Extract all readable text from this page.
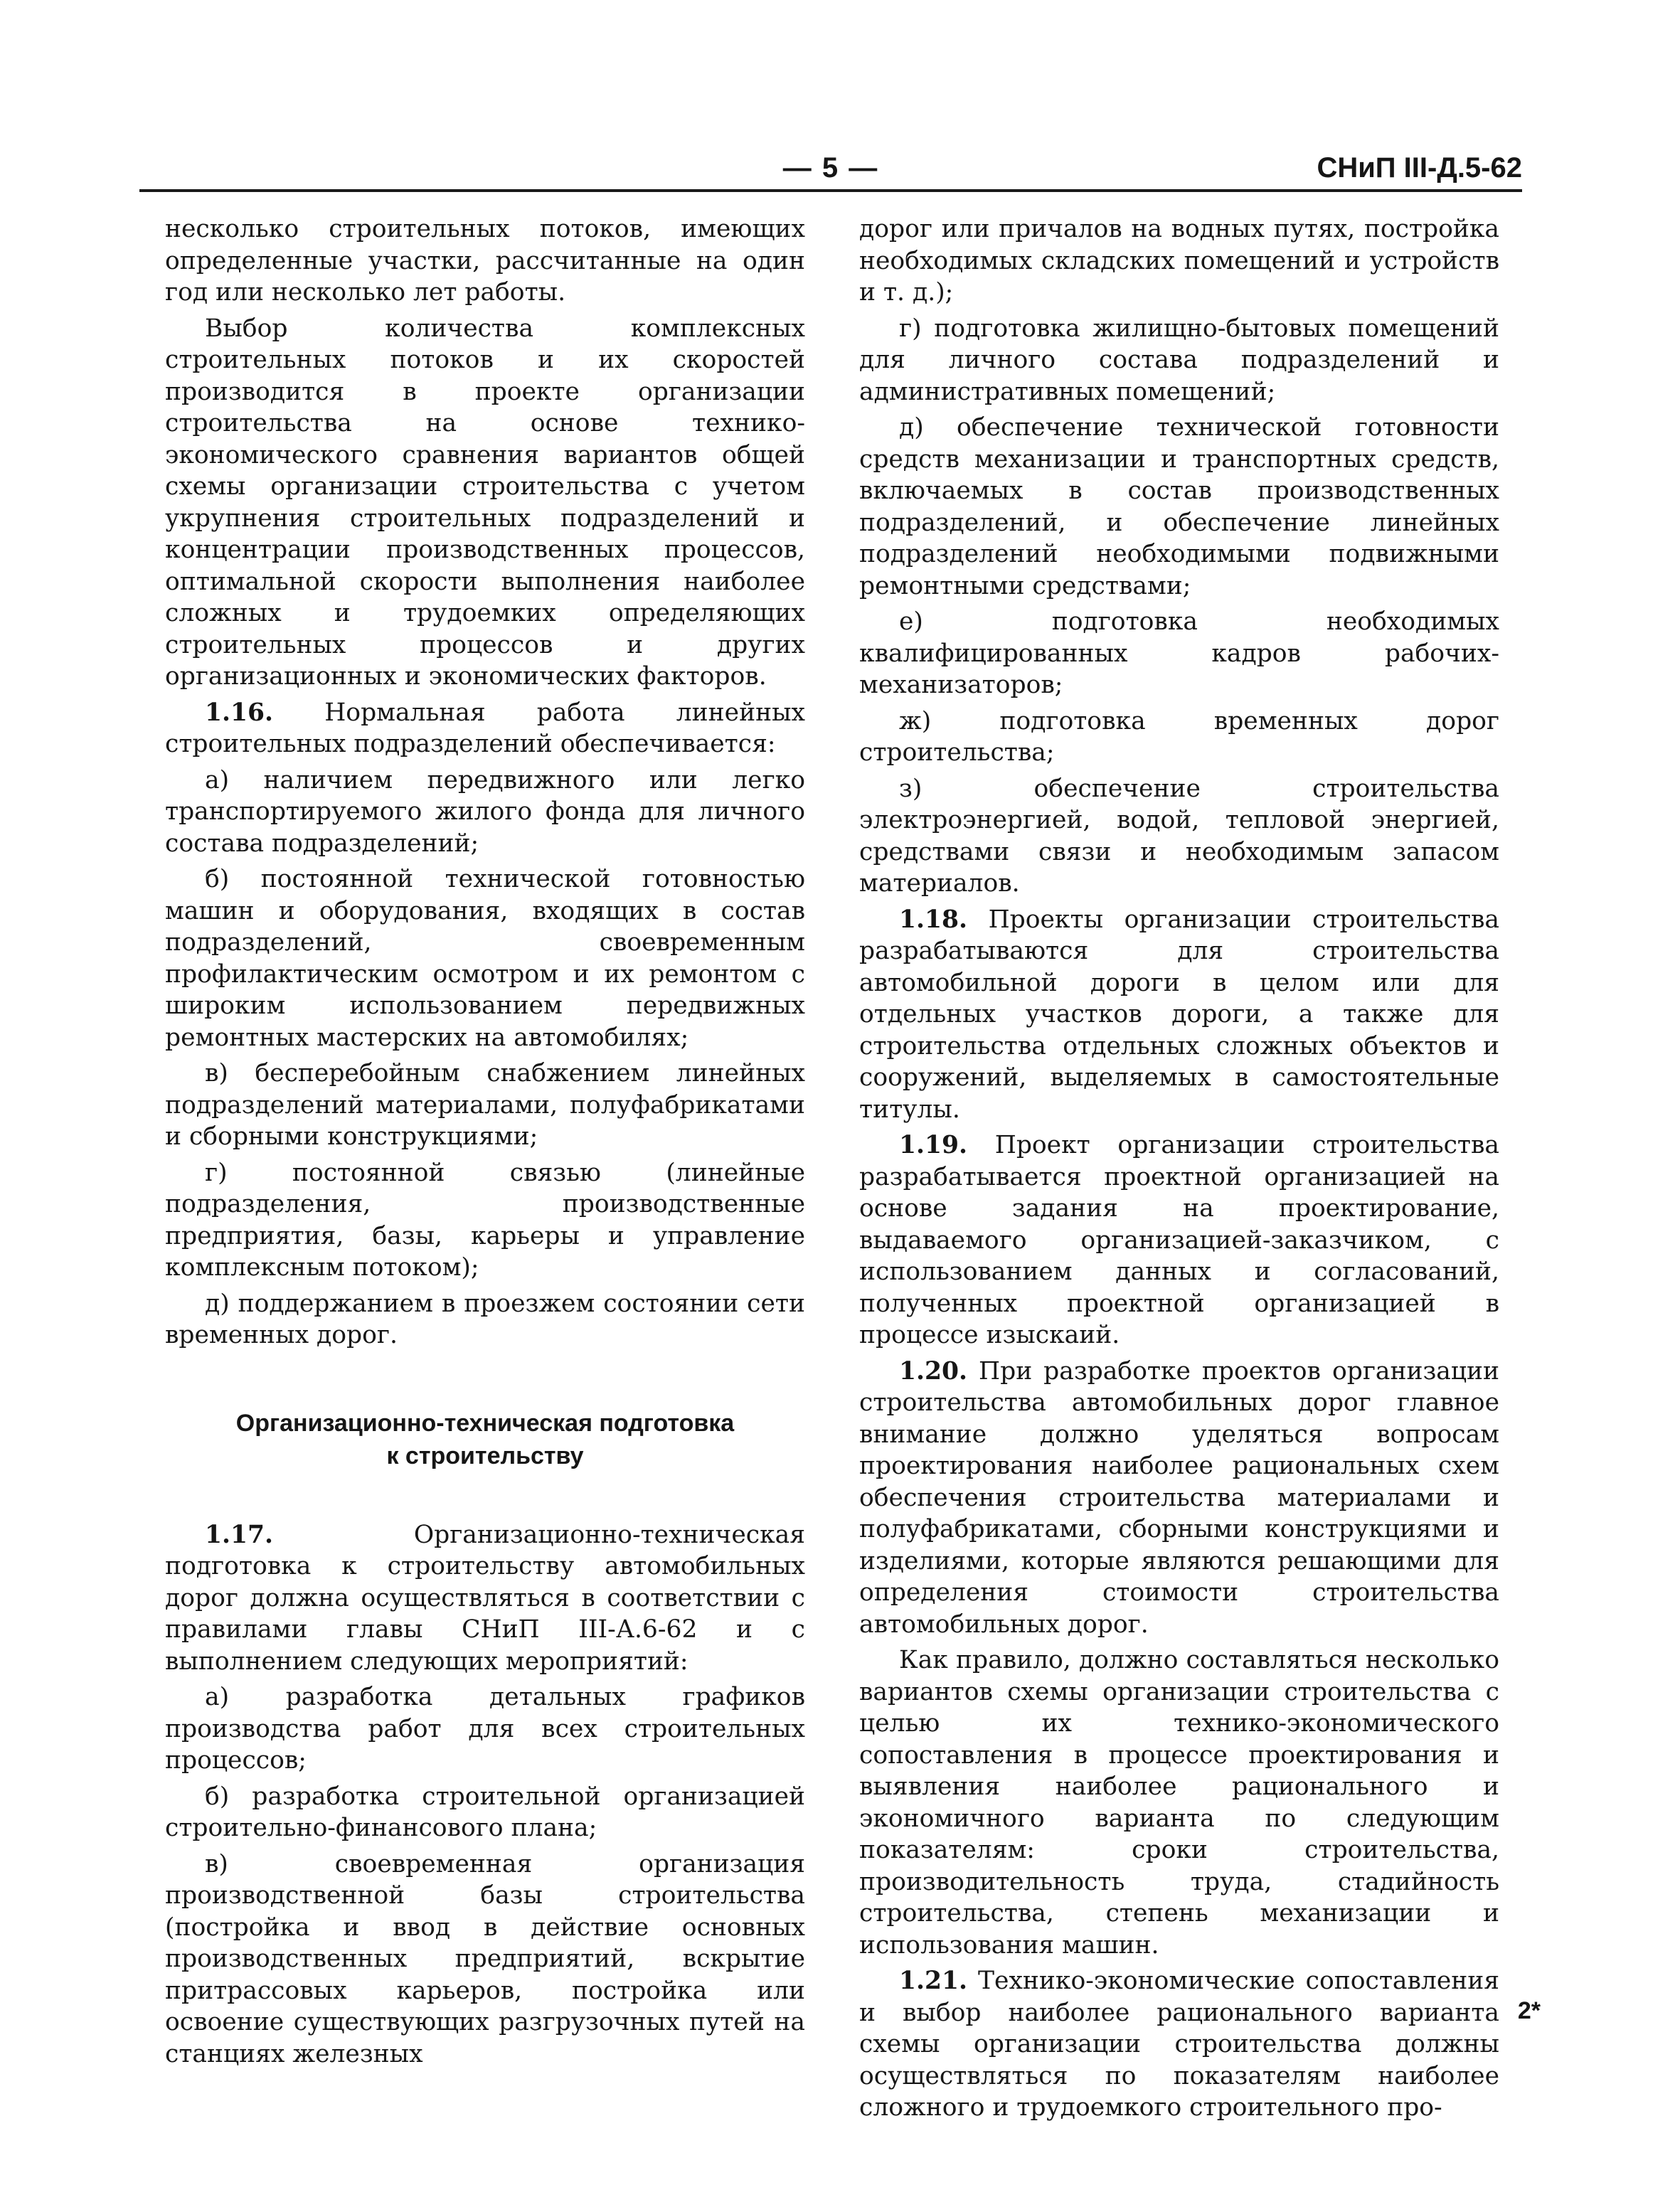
— 5 —	СНиП III-Д.5-62

несколько строительных потоков, имеющих определенные участки, рассчитанные на один год или несколько лет работы.

Выбор количества комплексных строительных потоков и их скоростей производится в проекте организации строительства на основе технико-экономического сравнения вариантов общей схемы организации строительства с учетом укрупнения строительных подразделений и концентрации производственных процессов, оптимальной скорости выполнения наиболее сложных и трудоемких определяющих строительных процессов и других организационных и экономических факторов.

1.16. Нормальная работа линейных строительных подразделений обеспечивается:

а) наличием передвижного или легко транспортируемого жилого фонда для личного состава подразделений;

б) постоянной технической готовностью машин и оборудования, входящих в состав подразделений, своевременным профилактическим осмотром и их ремонтом с широким использованием передвижных ремонтных мастерских на автомобилях;

в) бесперебойным снабжением линейных подразделений материалами, полуфабрикатами и сборными конструкциями;

г) постоянной связью (линейные подразделения, производственные предприятия, базы, карьеры и управление комплексным потоком);

д) поддержанием в проезжем состоянии сети временных дорог.

Организационно-техническая подготовка
к строительству

1.17.	Организационно-техническая подготовка к строительству автомобильных дорог должна осуществляться в соответствии с правилами главы СНиП III-А.6-62 и с выполнением следующих мероприятий:

а) разработка детальных графиков производства работ для всех строительных процессов;

б) разработка строительной организацией строительно-финансового плана;

в) своевременная организация производственной базы строительства (постройка и ввод в действие основных производственных предприятий, вскрытие притрассовых карьеров, постройка или освоение существующих разгрузочных путей на станциях железных

дорог или причалов на водных путях, постройка необходимых складских помещений и устройств и т. д.);

г) подготовка жилищно-бытовых помещений для личного состава подразделений и административных помещений;

д) обеспечение технической готовности средств механизации и транспортных средств, включаемых в состав производственных подразделений, и обеспечение линейных подразделений необходимыми подвижными ремонтными средствами;

е) подготовка необходимых квалифицированных кадров рабочих-механизаторов;

ж) подготовка временных дорог строительства;

з) обеспечение строительства электроэнергией, водой, тепловой энергией, средствами связи и необходимым запасом материалов.

1.18. Проекты организации строительства разрабатываются для строительства автомобильной дороги в целом или для отдельных участков дороги, а также для строительства отдельных сложных объектов и сооружений, выделяемых в самостоятельные титулы.

1.19. Проект организации строительства разрабатывается проектной организацией на основе задания на проектирование, выдаваемого организацией-заказчиком, с использованием данных и согласований, полученных проектной организацией в процессе изыскаий.

1.20. При разработке проектов организации строительства автомобильных дорог главное внимание должно уделяться вопросам проектирования наиболее рациональных схем обеспечения строительства материалами и полуфабрикатами, сборными конструкциями и изделиями, которые являются решающими для определения стоимости строительства автомобильных дорог.

Как правило, должно составляться несколько вариантов схемы организации строительства с целью их технико-экономического сопоставления в процессе проектирования и выявления наиболее рационального и экономичного варианта по следующим показателям: сроки строительства, производительность труда, стадийность строительства, степень механизации и использования машин.

1.21. Технико-экономические сопоставления и выбор наиболее рационального варианта схемы организации строительства должны осуществляться по показателям наиболее сложного и трудоемкого строительного про-

2*
